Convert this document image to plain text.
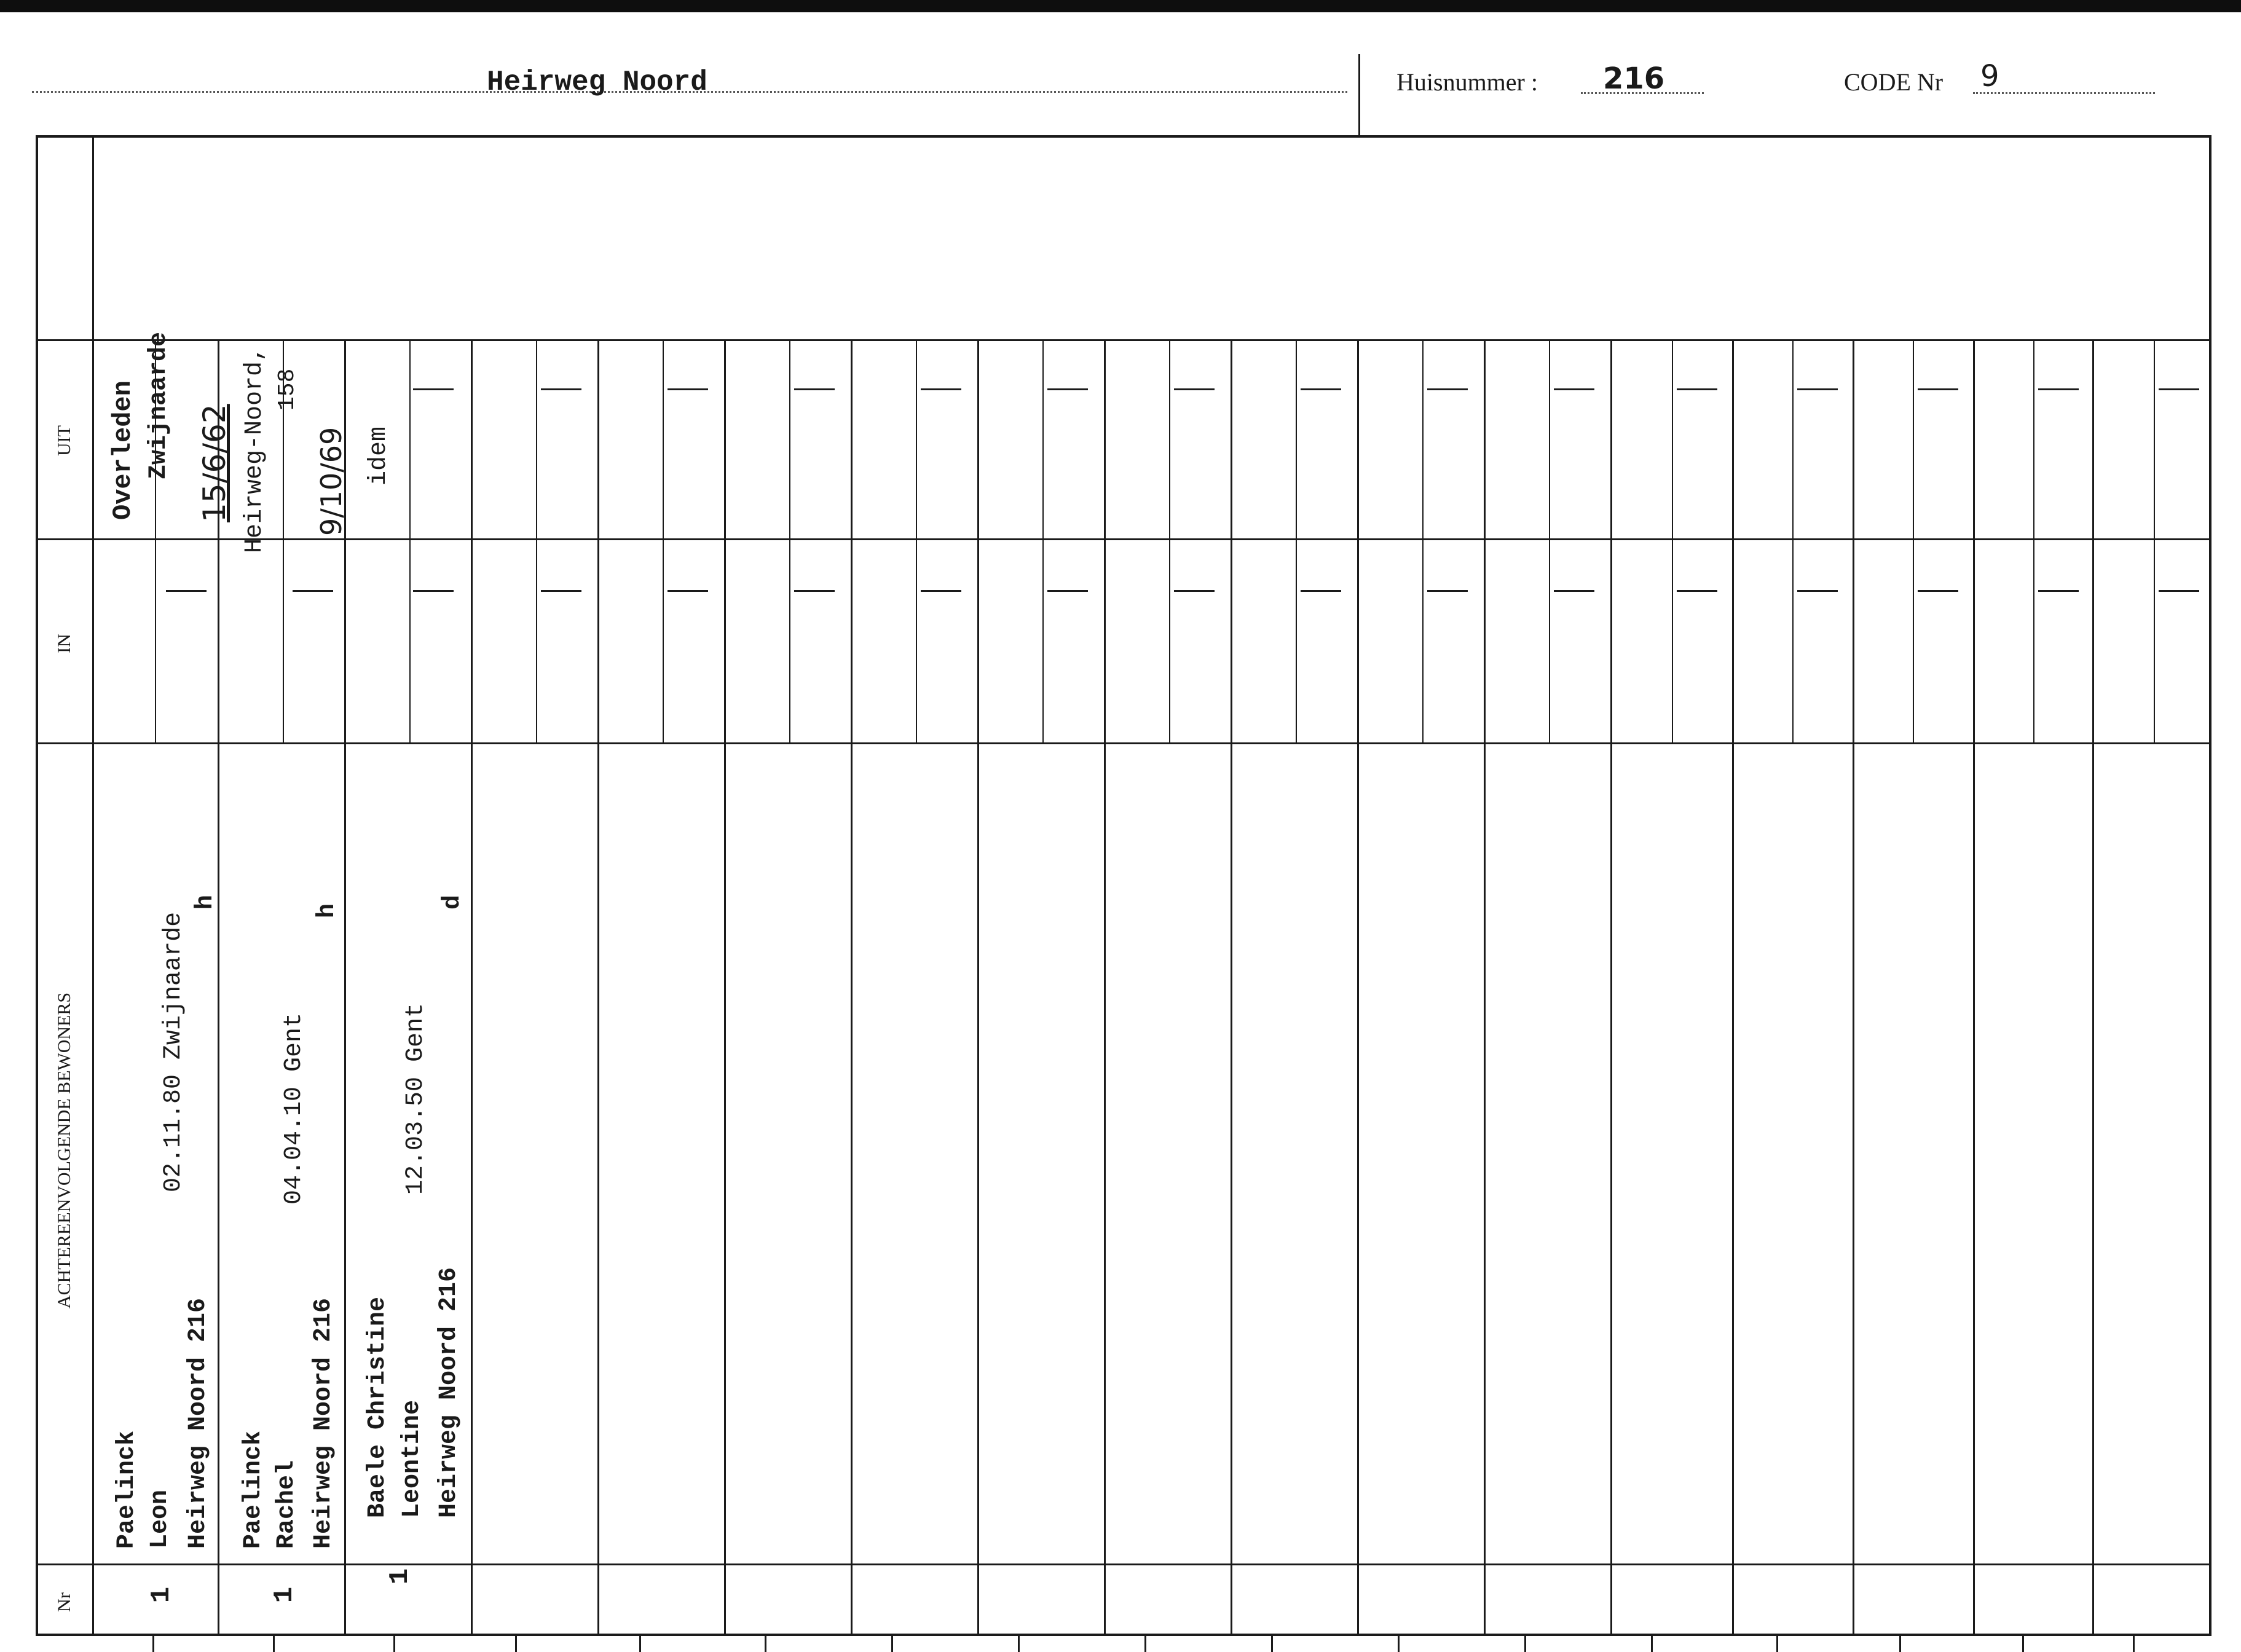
Heirweg Noord	Huisnummer : 216	CODE Nr 9
UIT
IN
ACHTEREENVOLGENDE BEWONERS
Nr
Overleden Zwijnaarde 15/6/62 Heirweg-Noord, 158
9/10/69 idem
Paelinck Leon
02.11.80 Zwijnaarde
Heirweg Noord 216
h
1
Paelinck Rachel
04.04.10 Gent
Heirweg Noord 216
h
1
Baele Christine Leontine
12.03.50 Gent
Heirweg Noord 216
d
1
